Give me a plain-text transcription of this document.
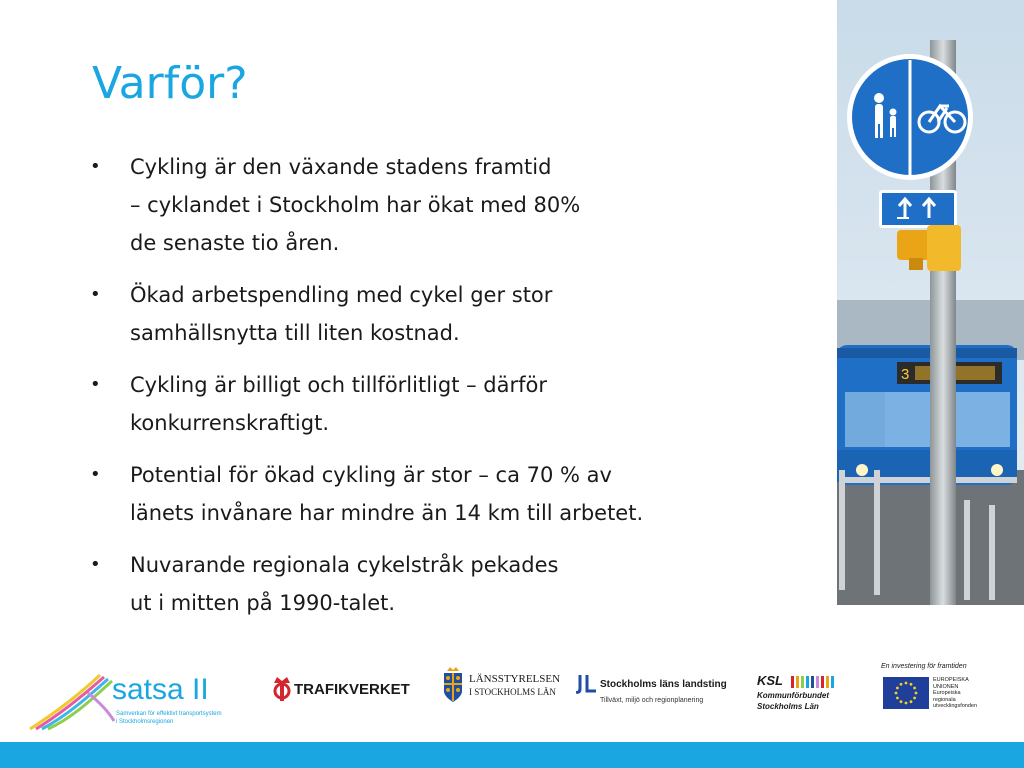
Varför?
• Cykling är den växande stadens framtid
– cyklandet i Stockholm har ökat med 80%
de senaste tio åren.
• Ökad arbetspendling med cykel ger stor
samhällsnytta till liten kostnad.
• Cykling är billigt och tillförlitligt – därför
konkurrenskraftigt.
• Potential för ökad cykling är stor – ca 70 % av
länets invånare har mindre än 14 km till arbetet.
• Nuvarande regionala cykelstråk pekades
ut i mitten på 1990-talet.
3
satsa II
Samverkan för effektivt transportsystem
i Stockholmsregionen
TRAFIKVERKET
LÄNSSTYRELSEN
I STOCKHOLMS LÄN
Stockholms läns landsting
Tillväxt, miljö och regionplanering
KSL
Kommunförbundet
Stockholms Län
En investering för framtiden
EUROPEISKA
UNIONEN
Europeiska
regionala
utvecklingsfonden
